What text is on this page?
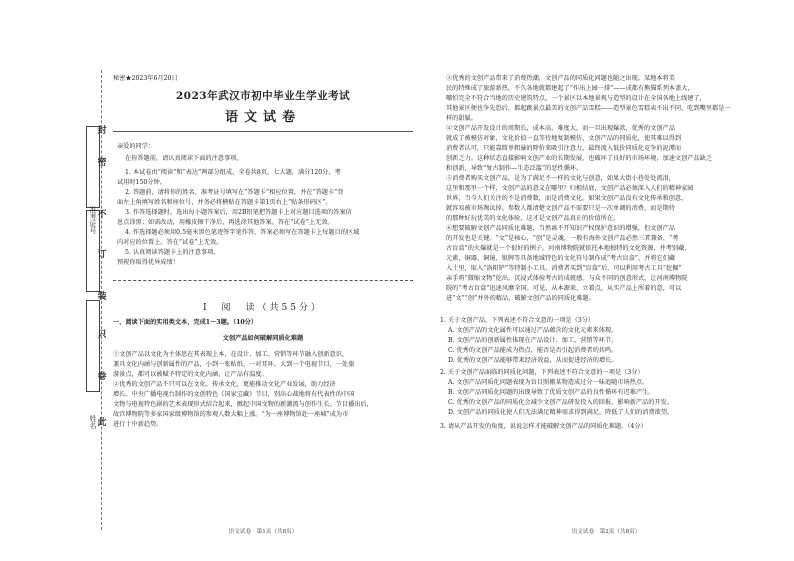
准考证号
姓名
封
密
不
订
装
只
卷
此
秘密★2023年6月20日
2023年武汉市初中毕业生学业考试
语文试卷
亲爱的同学：
在你答题前，请认真阅读下面的注意事项。
1. 本试卷由“阅读”和“表达”两部分组成，全卷共8页，七大题，满分120分。考
试用时150分钟。
2. 答题前，请将你的姓名、准考证号填写在“答题卡”相应位置，并在“答题卡”背
面左上角填写姓名和座位号，并务必将横贴在答题卡第1页右上“贴条形码区”。
3. 作答选择题时，选出每小题答案后，用2B铅笔把答题卡上对应题目选项的答案信
息点涂黑；如需改动，用橡皮擦干净后，再选涂其他答案。答在“试卷”上无效。
4. 作选择题必须用0.5毫米黑色笔迹签字笔作答，答案必须写在答题卡上每题目的区域
内对应的位置上。答在“试卷”上无效。
5. 认真阅读答题卡上的注意事项。
预祝你取得优异成绩！
Ⅰ　阅　读（共55分）
一、阅读下面的实用类文本，完成1～3题。（10分）
文创产品如何破解同质化难题
①文创产品以文化为主体思在其表现上本，在设计、加工、营销等环节融入创新意识，
兼具文化内涵与创新属性的产品，小到一张贴纸、一对耳环，大到一个电视节目，一处旅
游景点，都可以被赋予特定的文化内涵，让产品有温度。
②优秀的文创产品不只可以在文化、传承文化，更能推动文化产业发展，助力经济
增长。中央广播电视台制作的文创特色《国家宝藏》节目，别出心裁地将有代表性的中国
文物与电视特色剧的艺术表现形式结合起来，掀起中国文物的新潮流与创作生长。节目播出后，
故宫博物院等多家国家级博物馆的参观人数大幅上涨。“为一座博物馆赴一座城”成为市
进行十中新趋势。
语文试卷　第1页（共8页）
③优秀的文创产品带来了消费热潮，文创产品的同质化问题也随之出现。某地本将美
民的特殊成了旅游新热，不久各地就都建起了“作出上园一排”——成都有熊猫系列本盖大，
哪怕完全不符合当地的历史建筑特点，一个景区以本地景观与造型的设计在全国各地上线建了，
其他景区便也争先恐后，都起跳景点最美的文创产品雪糕——造型景色雪糕卖不出不同，吃到嘴里都是一
样的甜腻。
④文创产品开发设计的周期长，成本高，难度大，而一旦出现爆款，优秀的文创产品
就成了被模仿对象，文化价值一直等待地复制模仿，文创产品的同质化，使其难以得到
消费者认可，只能靠简单粗暴的降价来吸引注意力，最终流入低价同质化竞争的泥潭而
创新乏力。这种状态直接影响文创产业的长期发展，也破坏了良好的市场环境，加速文创产品缺乏
和创新，导致“复古制作—生态泛滥”的恶性循环。
⑤消费者购买文创产品，是为了满足不一样的文化与创意，如果大街小巷处处流泪，
这里和那里一个样，文创产品的意义在哪里？归根结底，文创产品必须深入人们的精神家园
世界，当今人们关注的不是消费数，而是消费文化。如果文创产品没有文化传承和创意，
就容易被市场淘汰掉。参数人都清楚文创产品不需要只是一次单调的消费，而是期待
的那种好玩优美的文化体验，这才是文创产品真正的价值所在。
⑥想要破解文创产品同质化难题，当然离不开知识产权保护意识的增强，但文创产品
的开发也是关键。“文”是核心，“创”是灵魂，一般有海外文创产品必然三者兼备，“考
古盲盒”的火爆就是一个很好的例子。河南博物院就依托本地独特的文化资源，并考别藏，
元素、铜器、铜镜、银牌等具备地域特色的文化符号制作成“考古盲盒”，并将它们藏
入土里，取入“洛阳铲”等特制小工具，消费者买到“盲盒”后，可以利用考古工具“挖掘”
亲手将“微缩文物”挖出，沉浸式体验考古的成就感。与众不同的创意形式，让河南博物院
院的“考古盲盒”迅速风靡全国。可见，从本源来，立着点，从实产品上所着的意，可以
进“文”“创”并外的精品，破解文创产品的同质化难题。
1. 关于文创产品，下列表述不符合文意的一项是（3分）
A. 文创产品的文化属性可以通过产品蕴含的文化元素来体现。
B. 文创产品的创新属性体现在产品设计、加工、营销等环节。
C. 优秀的文创产品能成为热点，能否是否引起消费者的共鸣。
D. 优秀的文创产品能够带来经济效益，从而促进经济的增长。
2. 关于文创产品面临的同质化问题，下列表述不符合文意的一项是（3分）
A. 文创产品同质化问题表现为盲目照搬某物造成过分一味追随市场热点。
B. 文创产品同质化问题的出现导致了优质文创产品的良性循环有迟难产生。
C. 优秀的文创产品的同质化会减少文创产品研发投入的回报，影响新产品的开发。
D. 文创产品的同质化使人们无法满足精神需求得到满足，降低了人们的消费欲望。
3. 请从产品开发的角度，说说怎样才能破解文创产品的同质化难题。（4分）
语文试卷　第2页（共8页）
